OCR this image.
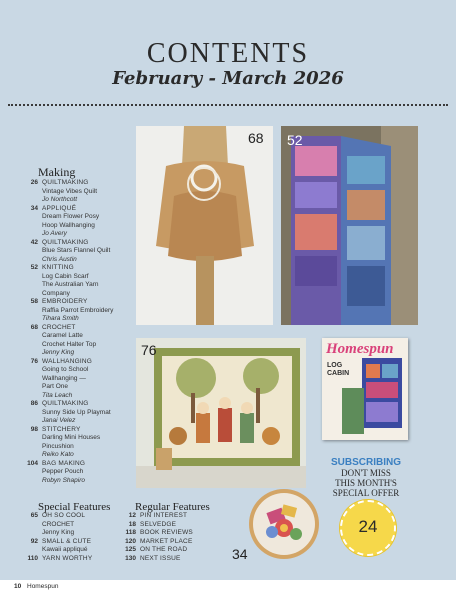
CONTENTS
February - March 2026
Making
26 QUILTMAKING
Vintage Vibes Quilt
Jo Northcott
34 APPLIQUÉ
Dream Flower Posy
Hoop Wallhanging
Jo Avery
42 QUILTMAKING
Blue Stars Flannel Quilt
Chris Austin
52 KNITTING
Log Cabin Scarf
The Australian Yarn
Company
58 EMBROIDERY
Raffia Parrot Embroidery
Tihara Smith
68 CROCHET
Caramel Latte
Crochet Halter Top
Jenny King
76 WALLHANGING
Going to School
Wallhanging —
Part One
Tita Leach
86 QUILTMAKING
Sunny Side Up Playmat
Janai Velez
98 STITCHERY
Darling Mini Houses
Pincushion
Reiko Kato
104 BAG MAKING
Pepper Pouch
Robyn Shapiro
Special Features
65 OH SO COOL
CROCHET
Jenny King
92 SMALL & CUTE
Kawaii appliqué
110 YARN WORTHY
Regular Features
12 PIN INTEREST
18 SELVEDGE
118 BOOK REVIEWS
120 MARKET PLACE
125 ON THE ROAD
130 NEXT ISSUE
68 52
76
34
Homespun
LOG
CABIN
SUBSCRIBING
DON'T MISS
THIS MONTH'S
SPECIAL OFFER
24
10 Homespun
